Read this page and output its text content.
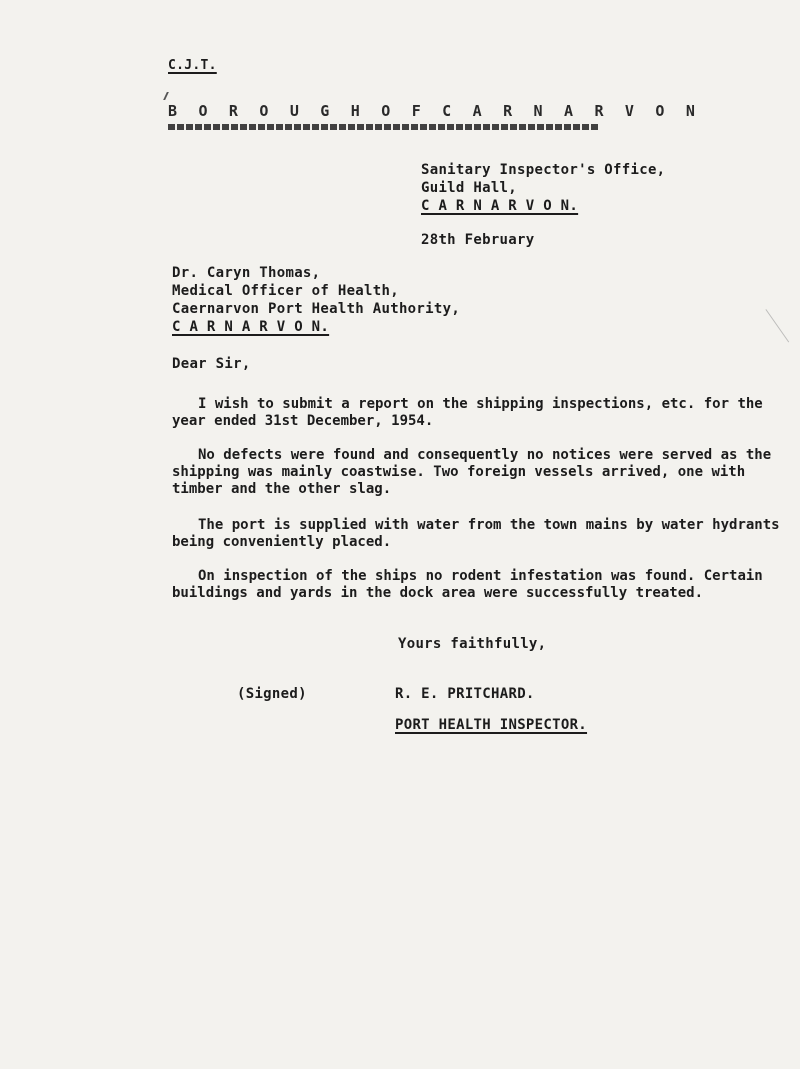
C.J.T.
B O R O U G H O F C A R N A R V O N
Sanitary Inspector's Office,
Guild Hall,
C A R N A R V O N.
28th February
Dr. Caryn Thomas,
Medical Officer of Health,
Caernarvon Port Health Authority,
C A R N A R V O N.
Dear Sir,

I wish to submit a report on the shipping inspections, etc. for the year ended 31st December, 1954.

No defects were found and consequently no notices were served as the shipping was mainly coastwise. Two foreign vessels arrived, one with timber and the other slag.

The port is supplied with water from the town mains by water hydrants being conveniently placed.

On inspection of the ships no rodent infestation was found. Certain buildings and yards in the dock area were successfully treated.

Yours faithfully,
(Signed)	R. E. PRITCHARD.
PORT HEALTH INSPECTOR.
